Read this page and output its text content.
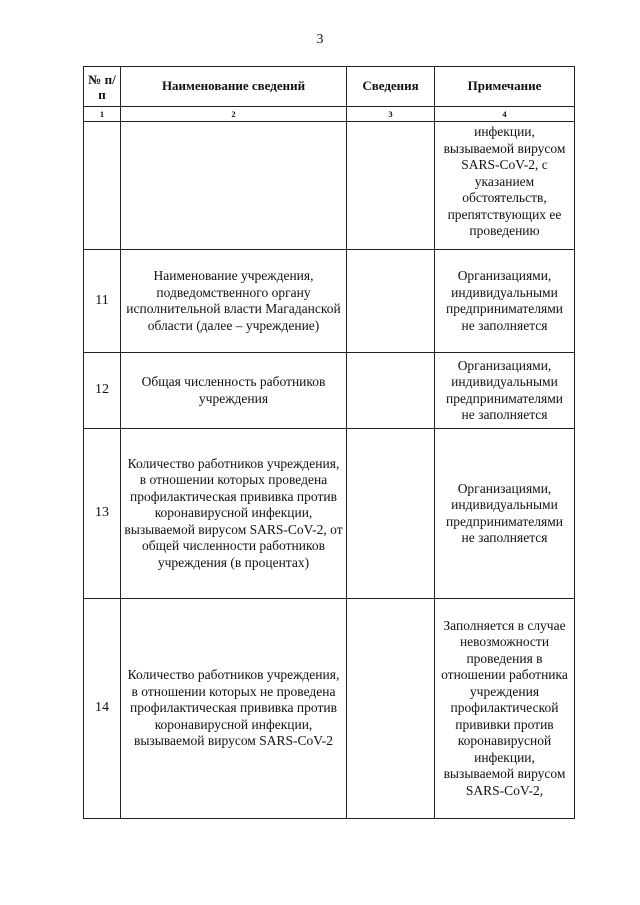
3
№ п/п	Наименование сведений	Сведения	Примечание
1	2	3	4
			инфекции, вызываемой вирусом SARS-CoV-2, с указанием обстоятельств, препятствующих ее проведению
11	Наименование учреждения, подведомственного органу исполнительной власти Магаданской области (далее – учреждение)		Организациями, индивидуальными предпринимателями не заполняется
12	Общая численность работников учреждения		Организациями, индивидуальными предпринимателями не заполняется
13	Количество работников учреждения, в отношении которых проведена профилактическая прививка против коронавирусной инфекции, вызываемой вирусом SARS-CoV-2, от общей численности работников учреждения (в процентах)		Организациями, индивидуальными предпринимателями не заполняется
14	Количество работников учреждения, в отношении которых не проведена профилактическая прививка против коронавирусной инфекции, вызываемой вирусом SARS-CoV-2		Заполняется в случае невозможности проведения в отношении работника учреждения профилактической прививки против коронавирусной инфекции, вызываемой вирусом SARS-CoV-2,
